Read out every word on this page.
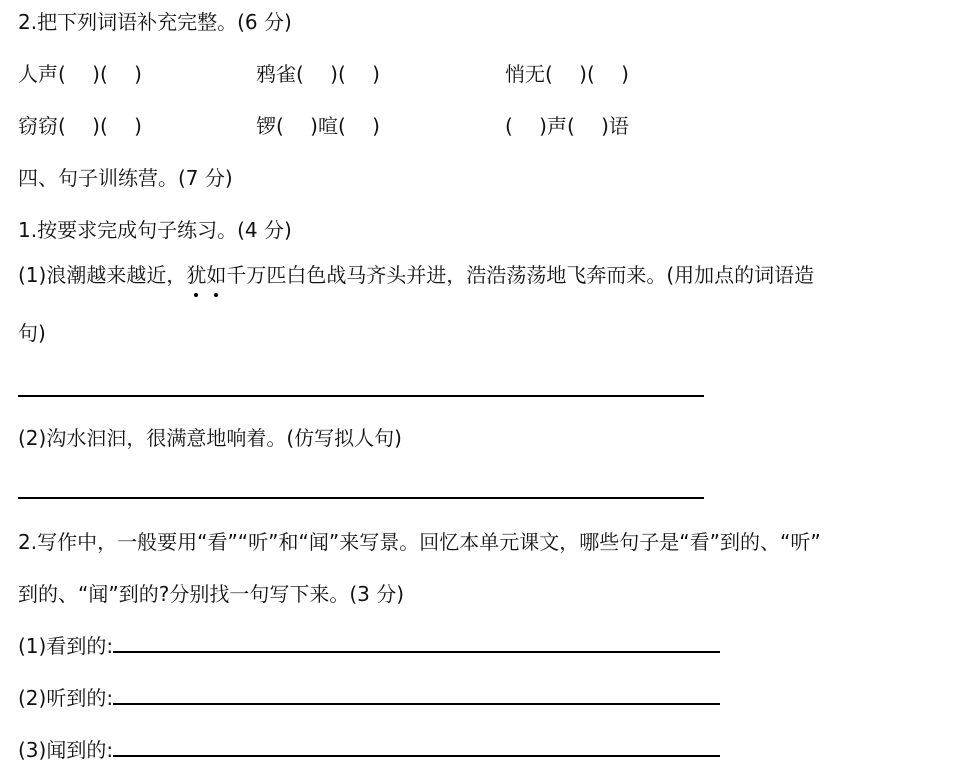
2.把下列词语补充完整。(6 分)
人声(　 )(　 )	鸦雀(　 )(　 )	悄无(　 )(　 )
窃窃(　 )(　 )	锣(　 )喧(　 )	(　 )声(　 )语
四、句子训练营。(7 分)
1.按要求完成句子练习。(4 分)
(1)浪潮越来越近，犹如千万匹白色战马齐头并进，浩浩荡荡地飞奔而来。(用加点的词语造
句)
(2)沟水汩汩，很满意地响着。(仿写拟人句)
2.写作中，一般要用“看”“听”和“闻”来写景。回忆本单元课文，哪些句子是“看”到的、“听”
到的、“闻”到的?分别找一句写下来。(3 分)
(1)看到的:
(2)听到的:
(3)闻到的:
